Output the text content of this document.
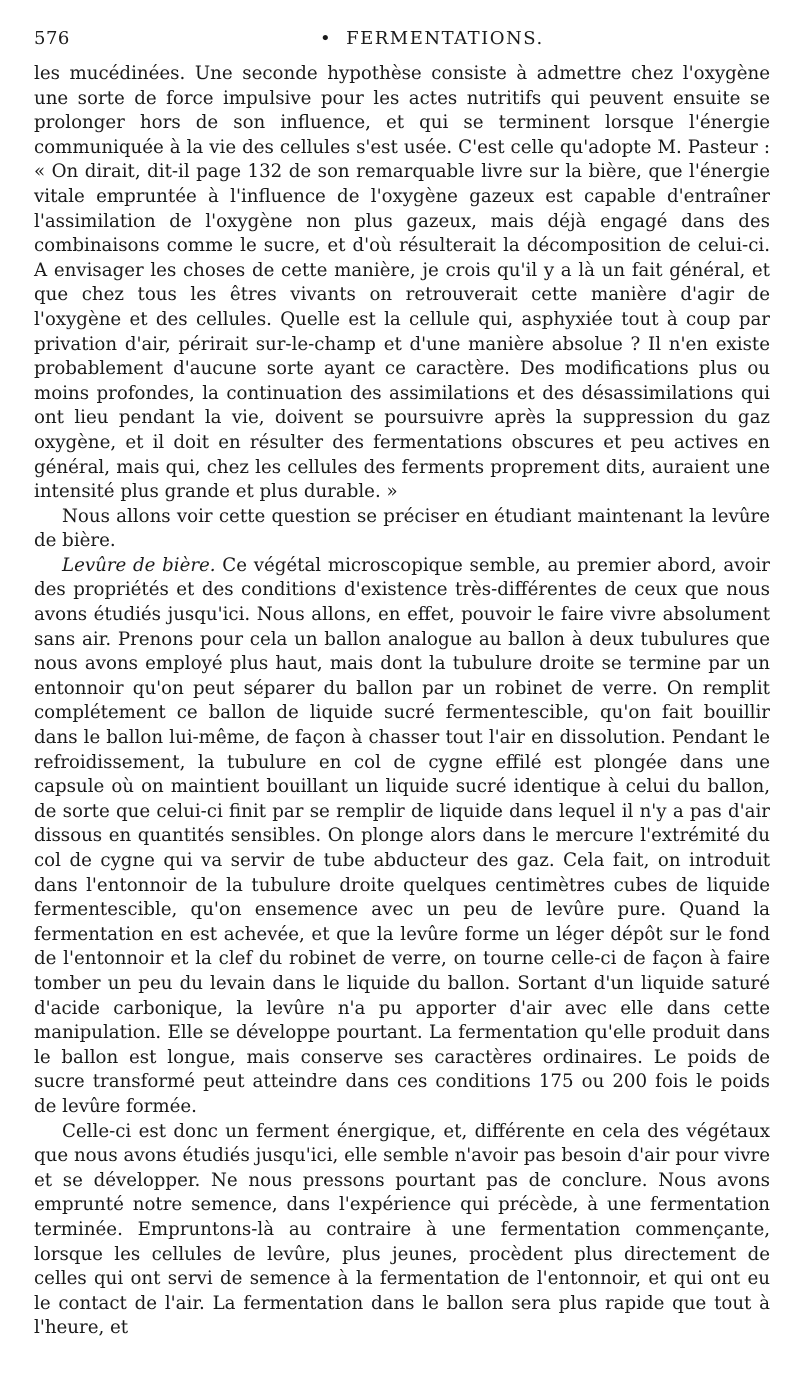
576	• FERMENTATIONS.

les mucédinées. Une seconde hypothèse consiste à admettre chez l'oxygène une sorte de force impulsive pour les actes nutritifs qui peuvent ensuite se prolonger hors de son influence, et qui se terminent lorsque l'énergie communiquée à la vie des cellules s'est usée. C'est celle qu'adopte M. Pasteur : « On dirait, dit-il page 132 de son remarquable livre sur la bière, que l'énergie vitale empruntée à l'influence de l'oxygène gazeux est capable d'entraîner l'assimilation de l'oxygène non plus gazeux, mais déjà engagé dans des combinaisons comme le sucre, et d'où résulterait la décomposition de celui-ci. A envisager les choses de cette manière, je crois qu'il y a là un fait général, et que chez tous les êtres vivants on retrouverait cette manière d'agir de l'oxygène et des cellules. Quelle est la cellule qui, asphyxiée tout à coup par privation d'air, périrait sur-le-champ et d'une manière absolue ? Il n'en existe probablement d'aucune sorte ayant ce caractère. Des modifications plus ou moins profondes, la continuation des assimilations et des désassimilations qui ont lieu pendant la vie, doivent se poursuivre après la suppression du gaz oxygène, et il doit en résulter des fermentations obscures et peu actives en général, mais qui, chez les cellules des ferments proprement dits, auraient une intensité plus grande et plus durable. »

Nous allons voir cette question se préciser en étudiant maintenant la levûre de bière.

Levûre de bière. Ce végétal microscopique semble, au premier abord, avoir des propriétés et des conditions d'existence très-différentes de ceux que nous avons étudiés jusqu'ici. Nous allons, en effet, pouvoir le faire vivre absolument sans air. Prenons pour cela un ballon analogue au ballon à deux tubulures que nous avons employé plus haut, mais dont la tubulure droite se termine par un entonnoir qu'on peut séparer du ballon par un robinet de verre. On remplit complétement ce ballon de liquide sucré fermentescible, qu'on fait bouillir dans le ballon lui-même, de façon à chasser tout l'air en dissolution. Pendant le refroidissement, la tubulure en col de cygne effilé est plongée dans une capsule où on maintient bouillant un liquide sucré identique à celui du ballon, de sorte que celui-ci finit par se remplir de liquide dans lequel il n'y a pas d'air dissous en quantités sensibles. On plonge alors dans le mercure l'extrémité du col de cygne qui va servir de tube abducteur des gaz. Cela fait, on introduit dans l'entonnoir de la tubulure droite quelques centimètres cubes de liquide fermentescible, qu'on ensemence avec un peu de levûre pure. Quand la fermentation en est achevée, et que la levûre forme un léger dépôt sur le fond de l'entonnoir et la clef du robinet de verre, on tourne celle-ci de façon à faire tomber un peu du levain dans le liquide du ballon. Sortant d'un liquide saturé d'acide carbonique, la levûre n'a pu apporter d'air avec elle dans cette manipulation. Elle se développe pourtant. La fermentation qu'elle produit dans le ballon est longue, mais conserve ses caractères ordinaires. Le poids de sucre transformé peut atteindre dans ces conditions 175 ou 200 fois le poids de levûre formée.

Celle-ci est donc un ferment énergique, et, différente en cela des végétaux que nous avons étudiés jusqu'ici, elle semble n'avoir pas besoin d'air pour vivre et se développer. Ne nous pressons pourtant pas de conclure. Nous avons emprunté notre semence, dans l'expérience qui précède, à une fermentation terminée. Empruntons-là au contraire à une fermentation commençante, lorsque les cellules de levûre, plus jeunes, procèdent plus directement de celles qui ont servi de semence à la fermentation de l'entonnoir, et qui ont eu le contact de l'air. La fermentation dans le ballon sera plus rapide que tout à l'heure, et
